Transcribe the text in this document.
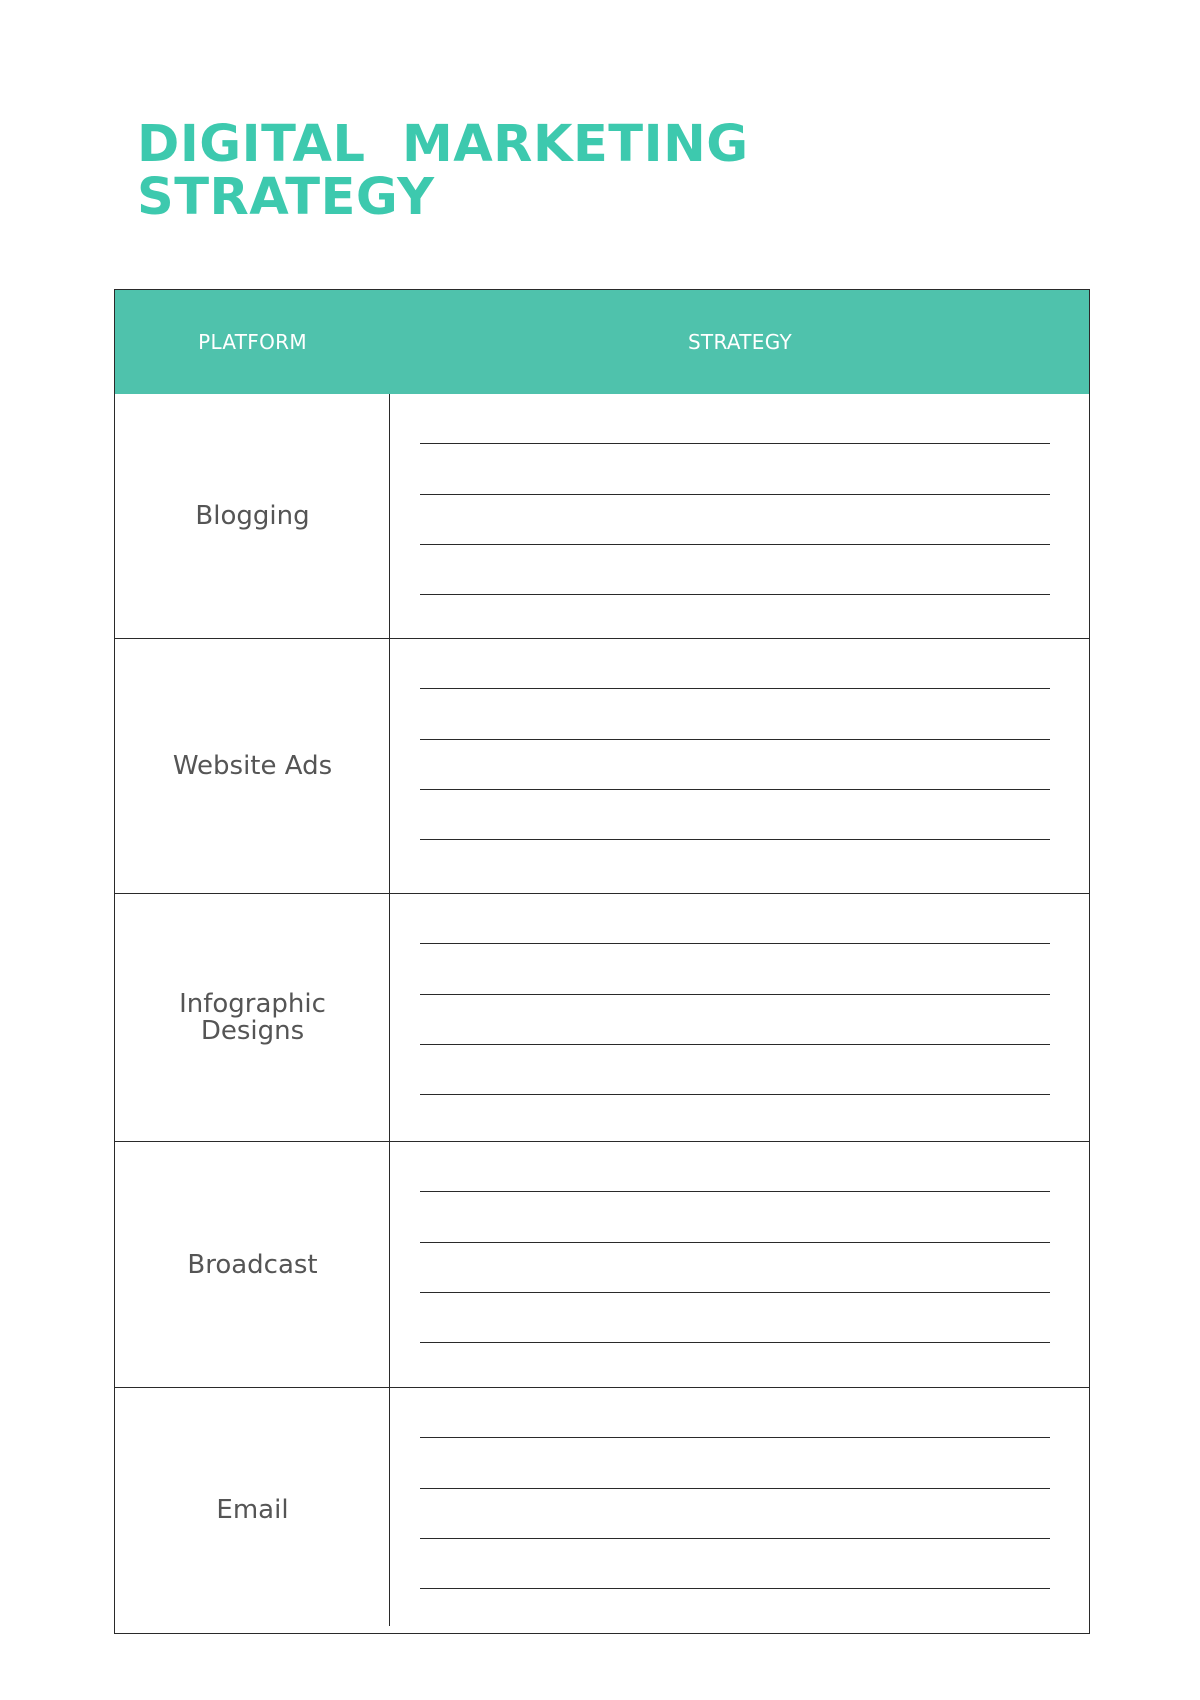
DIGITAL  MARKETING
STRATEGY
PLATFORM	STRATEGY
Blogging
Website Ads
Infographic
Designs
Broadcast
Email
